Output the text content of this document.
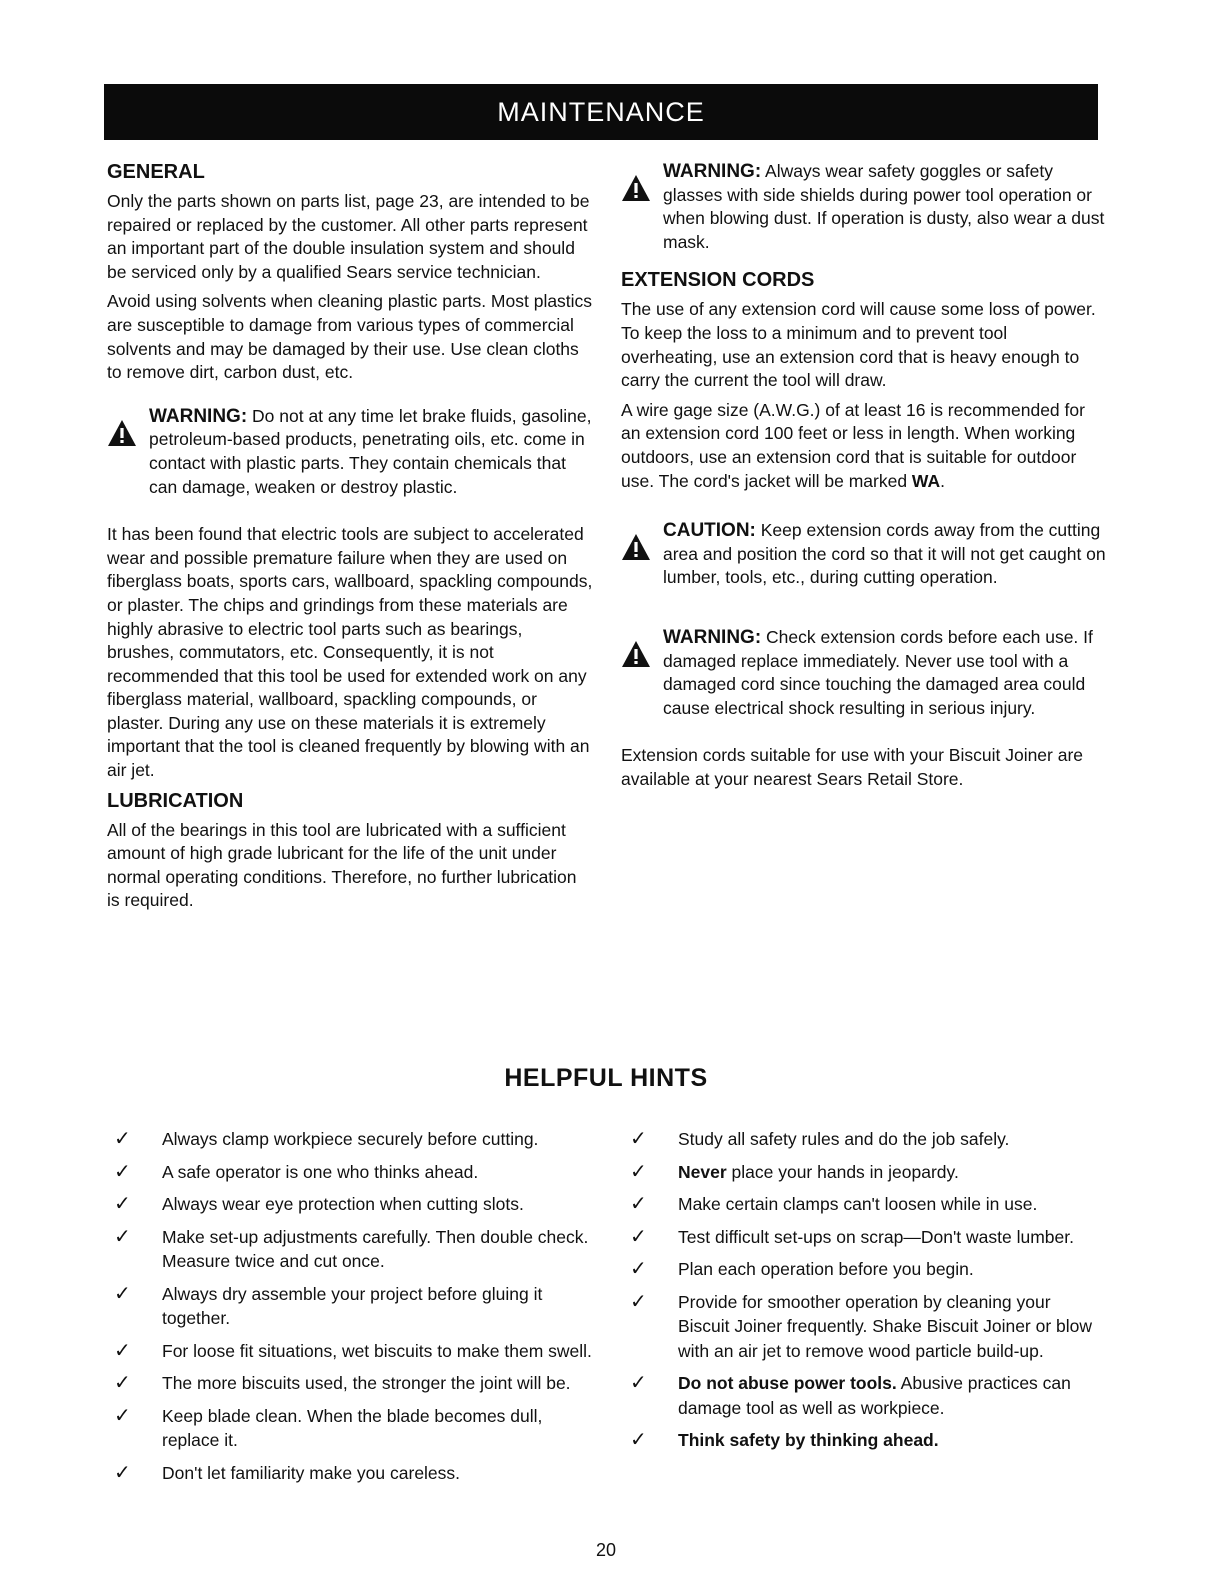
MAINTENANCE
GENERAL

Only the parts shown on parts list, page 23, are intended to be repaired or replaced by the customer. All other parts represent an important part of the double insulation system and should be serviced only by a qualified Sears service technician.

Avoid using solvents when cleaning plastic parts. Most plastics are susceptible to damage from various types of commercial solvents and may be damaged by their use. Use clean cloths to remove dirt, carbon dust, etc.

WARNING: Do not at any time let brake fluids, gasoline, petroleum-based products, penetrating oils, etc. come in contact with plastic parts. They contain chemicals that can damage, weaken or destroy plastic.

It has been found that electric tools are subject to accelerated wear and possible premature failure when they are used on fiberglass boats, sports cars, wallboard, spackling compounds, or plaster. The chips and grindings from these materials are highly abrasive to electric tool parts such as bearings, brushes, commutators, etc. Consequently, it is not recommended that this tool be used for extended work on any fiberglass material, wallboard, spackling compounds, or plaster. During any use on these materials it is extremely important that the tool is cleaned frequently by blowing with an air jet.

LUBRICATION

All of the bearings in this tool are lubricated with a sufficient amount of high grade lubricant for the life of the unit under normal operating conditions. Therefore, no further lubrication is required.

WARNING: Always wear safety goggles or safety glasses with side shields during power tool operation or when blowing dust. If operation is dusty, also wear a dust mask.
EXTENSION CORDS

The use of any extension cord will cause some loss of power. To keep the loss to a minimum and to prevent tool overheating, use an extension cord that is heavy enough to carry the current the tool will draw.

A wire gage size (A.W.G.) of at least 16 is recommended for an extension cord 100 feet or less in length. When working outdoors, use an extension cord that is suitable for outdoor use. The cord's jacket will be marked WA.

CAUTION: Keep extension cords away from the cutting area and position the cord so that it will not get caught on lumber, tools, etc., during cutting operation.
WARNING: Check extension cords before each use. If damaged replace immediately. Never use tool with a damaged cord since touching the damaged area could cause electrical shock resulting in serious injury.

Extension cords suitable for use with your Biscuit Joiner are available at your nearest Sears Retail Store.

HELPFUL HINTS
✓ Always clamp workpiece securely before cutting.
✓ A safe operator is one who thinks ahead.
✓ Always wear eye protection when cutting slots.
✓ Make set-up adjustments carefully. Then double check. Measure twice and cut once.
✓ Always dry assemble your project before gluing it together.
✓ For loose fit situations, wet biscuits to make them swell.
✓ The more biscuits used, the stronger the joint will be.
✓ Keep blade clean. When the blade becomes dull, replace it.
✓ Don't let familiarity make you careless.
✓ Study all safety rules and do the job safely.
✓ Never place your hands in jeopardy.
✓ Make certain clamps can't loosen while in use.
✓ Test difficult set-ups on scrap—Don't waste lumber.
✓ Plan each operation before you begin.
✓ Provide for smoother operation by cleaning your Biscuit Joiner frequently. Shake Biscuit Joiner or blow with an air jet to remove wood particle build-up.
✓ Do not abuse power tools. Abusive practices can damage tool as well as workpiece.
✓ Think safety by thinking ahead.
20
